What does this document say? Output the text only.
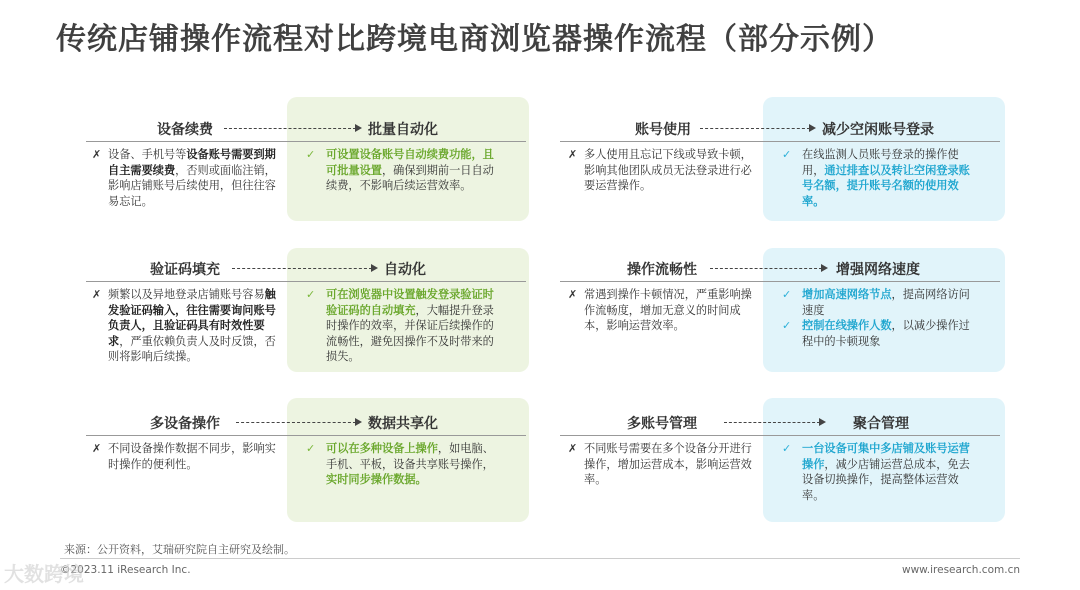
传统店铺操作流程对比跨境电商浏览器操作流程（部分示例）
设备续费	批量自动化
✗ 设备、手机号等设备账号需要到期自主需要续费，否则或面临注销，影响店铺账号后续使用，但往往容易忘记。
✓ 可设置设备账号自动续费功能，且可批量设置，确保到期前一日自动续费，不影响后续运营效率。
账号使用	减少空闲账号登录
✗ 多人使用且忘记下线或导致卡顿，影响其他团队成员无法登录进行必要运营操作。
✓ 在线监测人员账号登录的操作使用，通过排查以及转让空闲登录账号名额，提升账号名额的使用效率。
验证码填充	自动化
✗ 频繁以及异地登录店铺账号容易触发验证码输入，往往需要询问账号负责人，且验证码具有时效性要求，严重依赖负责人及时反馈，否则将影响后续操。
✓ 可在浏览器中设置触发登录验证时验证码的自动填充，大幅提升登录时操作的效率，并保证后续操作的流畅性，避免因操作不及时带来的损失。
操作流畅性	增强网络速度
✗ 常遇到操作卡顿情况，严重影响操作流畅度，增加无意义的时间成本，影响运营效率。
✓ 增加高速网络节点，提高网络访问速度
✓ 控制在线操作人数，以减少操作过程中的卡顿现象
多设备操作	数据共享化
✗ 不同设备操作数据不同步，影响实时操作的便利性。
✓ 可以在多种设备上操作，如电脑、手机、平板，设备共享账号操作，实时同步操作数据。
多账号管理	聚合管理
✗ 不同账号需要在多个设备分开进行操作，增加运营成本，影响运营效率。
✓ 一台设备可集中多店铺及账号运营操作，减少店铺运营总成本，免去设备切换操作，提高整体运营效率。
来源：公开资料，艾瑞研究院自主研究及绘制。
©2023.11 iResearch Inc.	www.iresearch.com.cn
大数跨境
